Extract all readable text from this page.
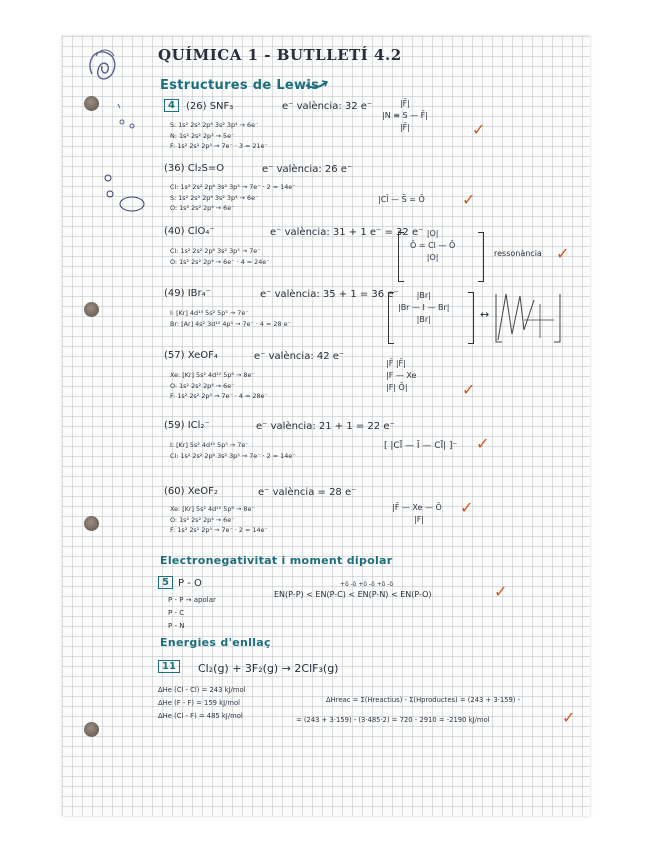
QUÍMICA 1 - BUTLLETÍ 4.2
Estructures de Lewis
4	(26) SNF₃	e⁻ valència: 32 e⁻
S: 1s² 2s² 2p⁶ 3s² 3p⁴ → 6e⁻
N: 1s² 2s² 2p³ → 5e⁻
F: 1s² 2s² 2p⁵ → 7e⁻ · 3 = 21e⁻
|F̄|
|N ≡ S — F̄|
|F̄|	✓
(36) Cl₂S=O	e⁻ valència: 26 e⁻
Cl: 1s² 2s² 2p⁶ 3s² 3p⁵ → 7e⁻ · 2 = 14e⁻
S: 1s² 2s² 2p⁶ 3s² 3p⁴ → 6e⁻
O: 1s² 2s² 2p⁴ → 6e⁻
|Cl̄ — S̄ = Ō ✓
(40) ClO₄⁻	e⁻ valència: 31 + 1 e⁻ = 32 e⁻
Cl: 1s² 2s² 2p⁶ 3s² 3p⁵ → 7e⁻
O: 1s² 2s² 2p⁴ → 6e⁻ · 4 = 24e⁻
|O|
Ō = Cl — Ō
|O|	ressonància ✓
(49) IBr₄⁻	e⁻ valència: 35 + 1 = 36 e⁻
I: [Kr] 4d¹⁰ 5s² 5p⁵ → 7e⁻
Br: [Ar] 4s² 3d¹⁰ 4p⁵ → 7e⁻ · 4 = 28 e⁻
|Br|
|Br — I — Br|
|Br|	↔
(57) XeOF₄	e⁻ valència: 42 e⁻
Xe: [Kr] 5s² 4d¹⁰ 5p⁶ → 8e⁻
O: 1s² 2s² 2p⁴ → 6e⁻
F: 1s² 2s² 2p⁵ → 7e⁻ · 4 = 28e⁻
|F̄ |F̄|
|F — Xe
|F| Ō|	✓
(59) ICl₂⁻	e⁻ valència: 21 + 1 = 22 e⁻
I: [Kr] 5s² 4d¹⁰ 5p⁵ → 7e⁻
Cl: 1s² 2s² 2p⁶ 3s² 3p⁵ → 7e⁻ · 2 = 14e⁻
[ |Cl̄ — Ī — Cl̄| ]⁻ ✓
(60) XeOF₂	e⁻ valència = 28 e⁻
Xe: [Kr] 5s² 4d¹⁰ 5p⁶ → 8e⁻
O: 1s² 2s² 2p⁴ → 6e⁻
F: 1s² 2s² 2p⁵ → 7e⁻ · 2 = 14e⁻
|F̄ — Xe — Ō
|F|
✓
Electronegativitat i moment dipolar
5 P - O
P - P → apolar
P - C
P - N
+δ -δ +δ -δ +δ -δ
EN(P-P) < EN(P-C) < EN(P-N) < EN(P-O)	✓
Energies d'enllaç
11	Cl₂(g) + 3F₂(g) → 2ClF₃(g)
ΔHe (Cl - Cl) = 243 kJ/mol
ΔHe (F - F) = 159 kJ/mol
ΔHe (Cl - F) = 485 kJ/mol
ΔHreac = Σ(Hreactius) - Σ(Hproductes) = (243 + 3·159) -
= (243 + 3·159) - (3·485·2) = 720 - 2910 = -2190 kJ/mol	✓
